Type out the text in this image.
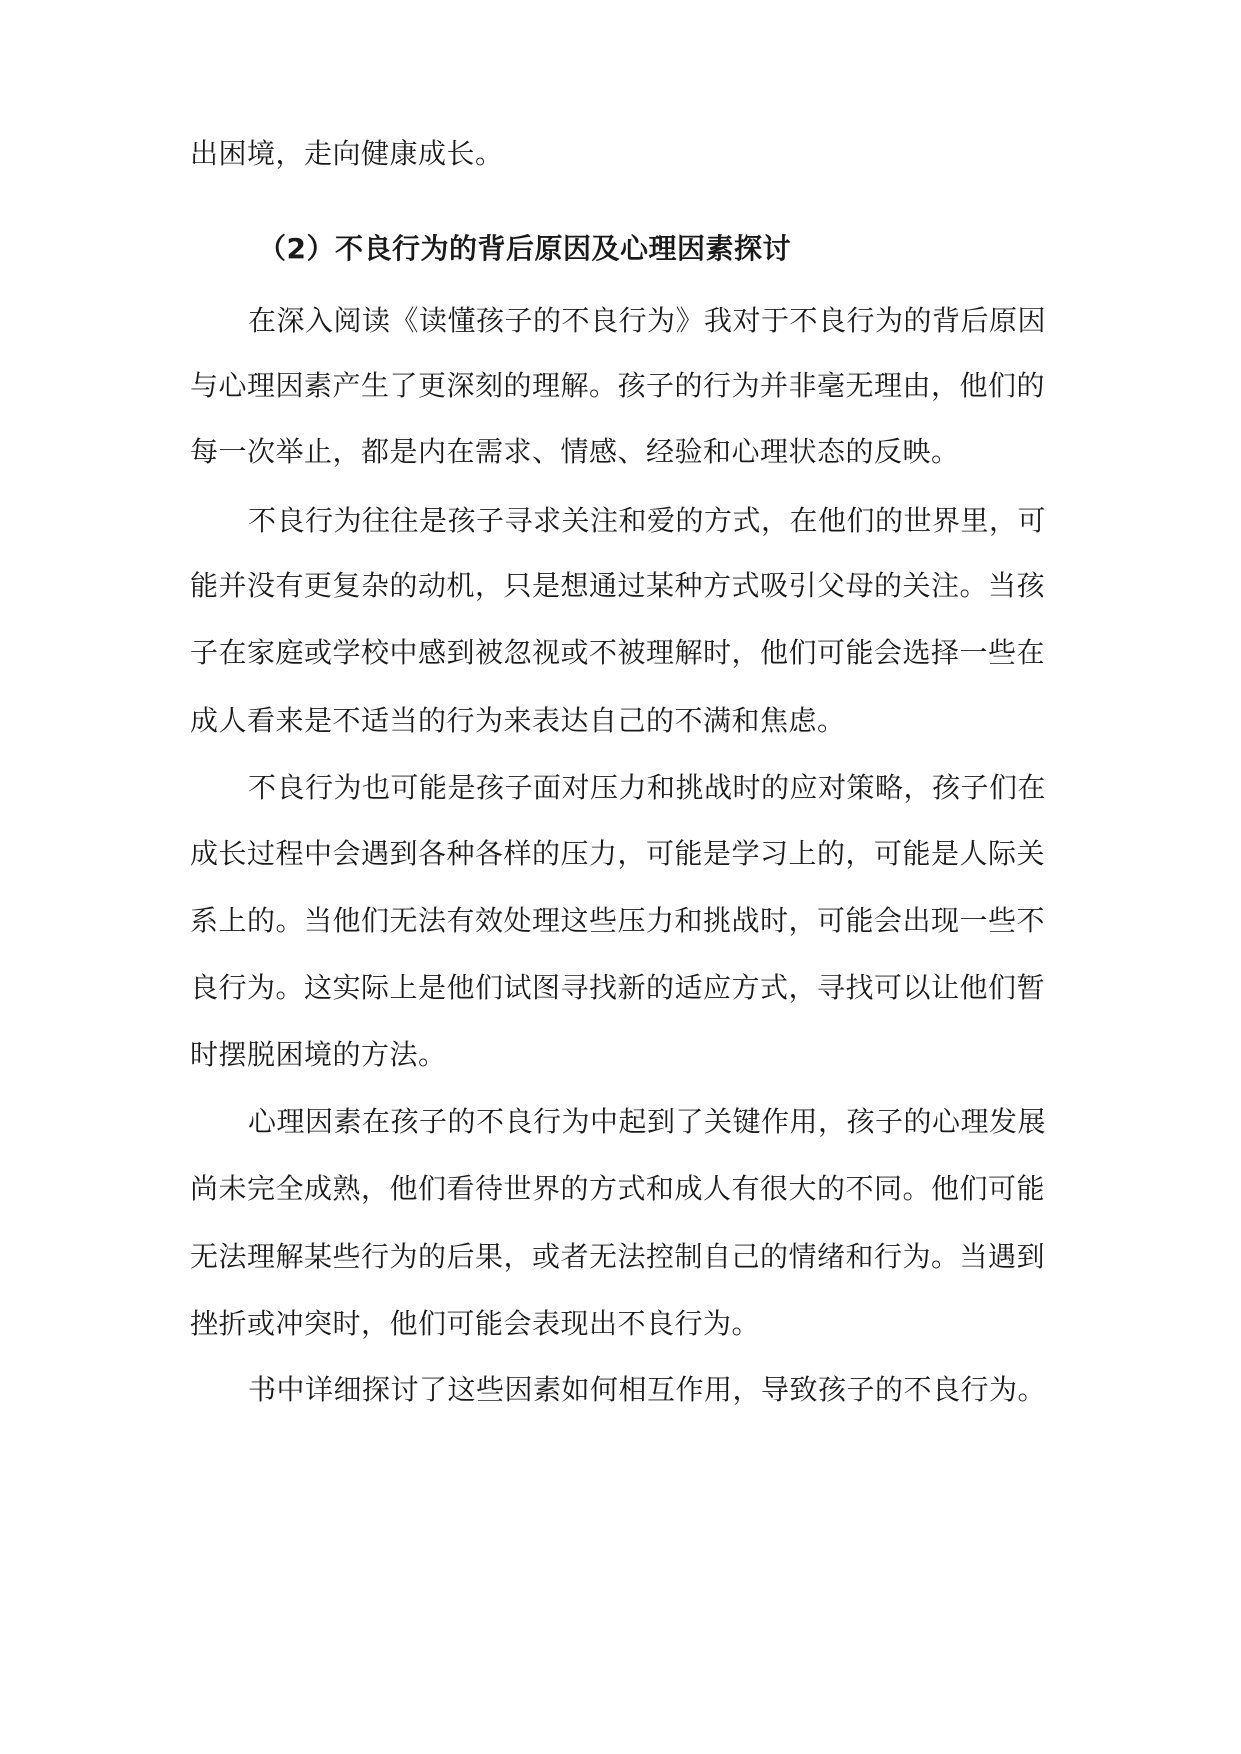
出困境，走向健康成长。
（2）不良行为的背后原因及心理因素探讨
在深入阅读《读懂孩子的不良行为》我对于不良行为的背后原因
与心理因素产生了更深刻的理解。孩子的行为并非毫无理由，他们的
每一次举止，都是内在需求、情感、经验和心理状态的反映。
不良行为往往是孩子寻求关注和爱的方式，在他们的世界里，可
能并没有更复杂的动机，只是想通过某种方式吸引父母的关注。当孩
子在家庭或学校中感到被忽视或不被理解时，他们可能会选择一些在
成人看来是不适当的行为来表达自己的不满和焦虑。
不良行为也可能是孩子面对压力和挑战时的应对策略，孩子们在
成长过程中会遇到各种各样的压力，可能是学习上的，可能是人际关
系上的。当他们无法有效处理这些压力和挑战时，可能会出现一些不
良行为。这实际上是他们试图寻找新的适应方式，寻找可以让他们暂
时摆脱困境的方法。
心理因素在孩子的不良行为中起到了关键作用，孩子的心理发展
尚未完全成熟，他们看待世界的方式和成人有很大的不同。他们可能
无法理解某些行为的后果，或者无法控制自己的情绪和行为。当遇到
挫折或冲突时，他们可能会表现出不良行为。
书中详细探讨了这些因素如何相互作用，导致孩子的不良行为。
